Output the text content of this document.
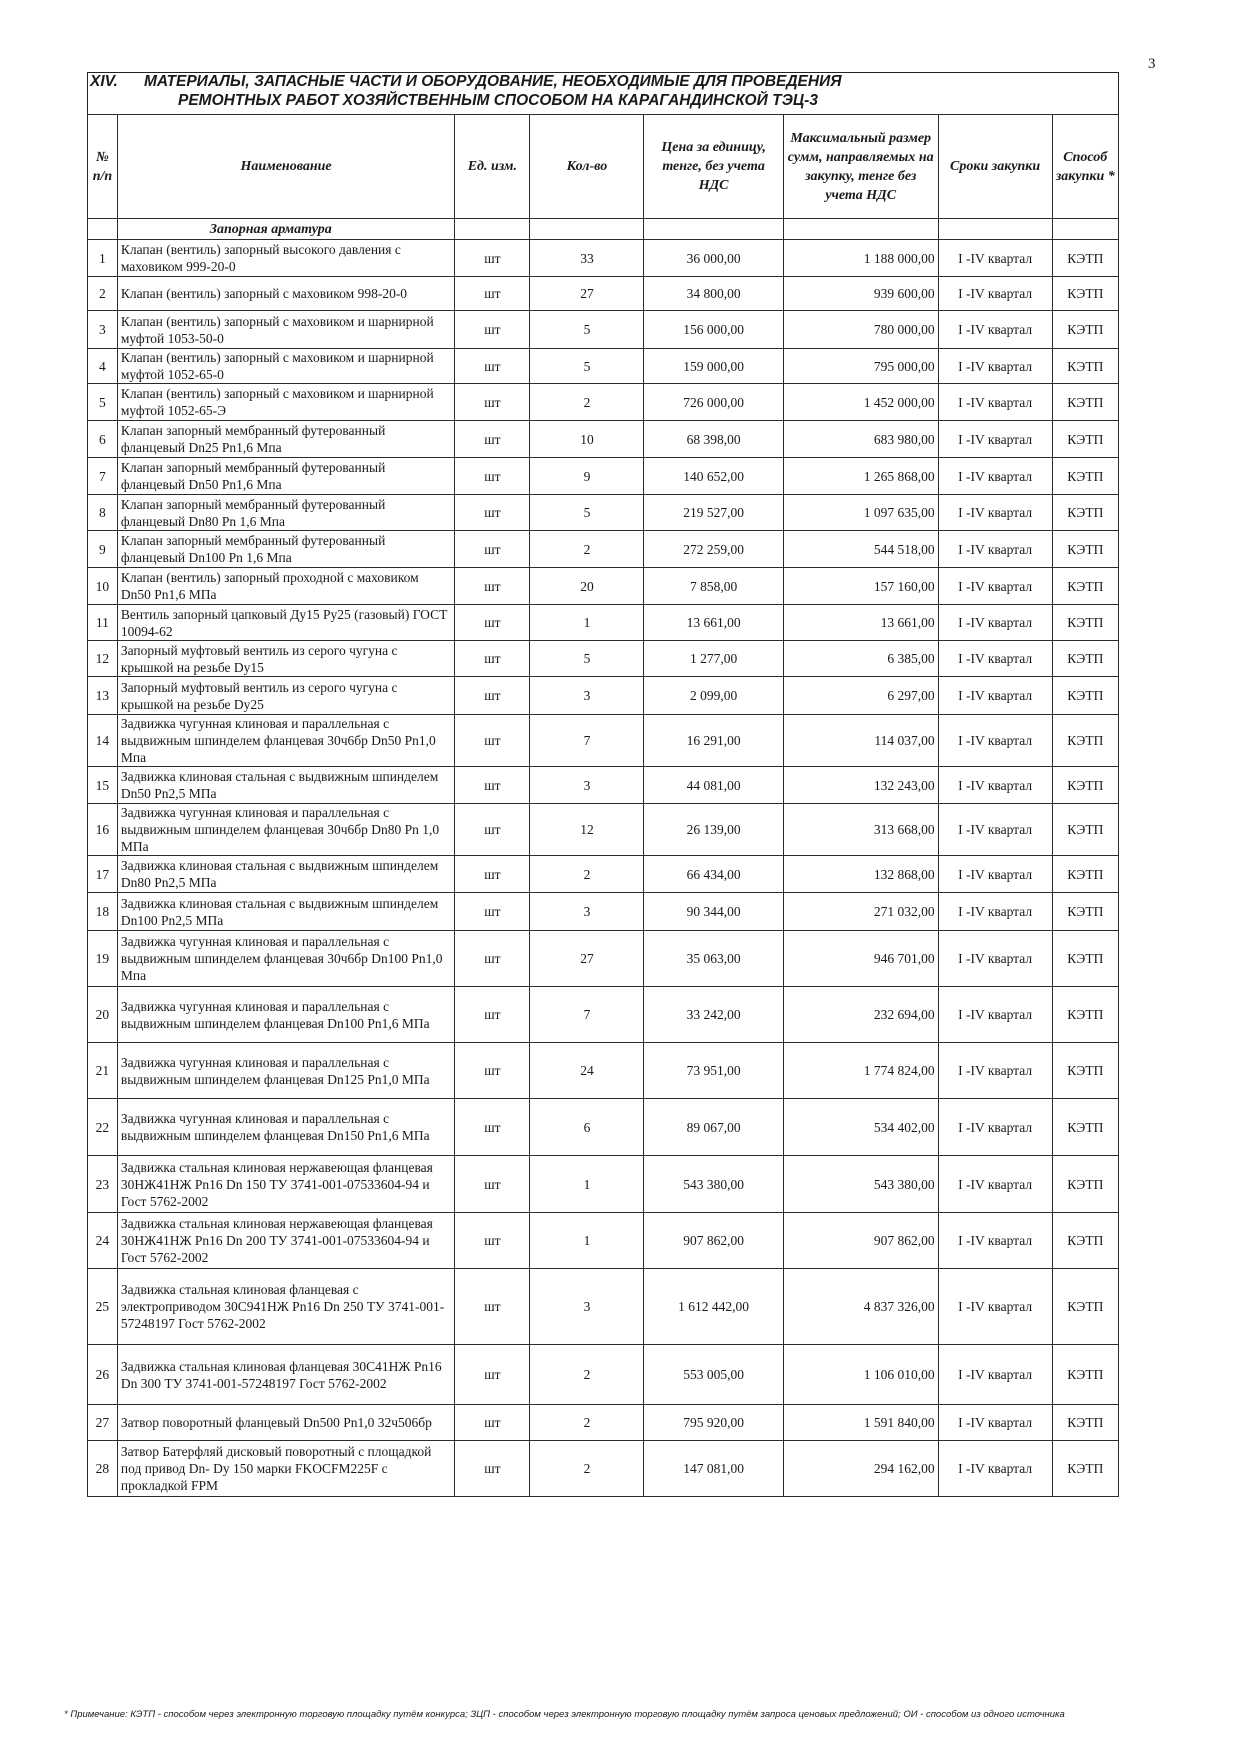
3
XIV. МАТЕРИАЛЫ, ЗАПАСНЫЕ ЧАСТИ И ОБОРУДОВАНИЕ, НЕОБХОДИМЫЕ ДЛЯ ПРОВЕДЕНИЯ
РЕМОНТНЫХ РАБОТ ХОЗЯЙСТВЕННЫМ СПОСОБОМ НА КАРАГАНДИНСКОЙ ТЭЦ-3
№ п/п	Наименование	Ед. изм.	Кол-во	Цена за единицу, тенге, без учета НДС	Максимальный размер сумм, направляемых на закупку, тенге без учета НДС	Сроки закупки	Способ закупки *
	Запорная арматура						
1	Клапан (вентиль) запорный высокого давления с маховиком 999-20-0	шт	33	36 000,00	1 188 000,00	I -IV квартал	КЭТП
2	Клапан (вентиль) запорный с маховиком 998-20-0	шт	27	34 800,00	939 600,00	I -IV квартал	КЭТП
3	Клапан (вентиль) запорный с маховиком и шарнирной муфтой 1053-50-0	шт	5	156 000,00	780 000,00	I -IV квартал	КЭТП
4	Клапан (вентиль) запорный с маховиком и шарнирной муфтой 1052-65-0	шт	5	159 000,00	795 000,00	I -IV квартал	КЭТП
5	Клапан (вентиль) запорный с маховиком и шарнирной муфтой 1052-65-Э	шт	2	726 000,00	1 452 000,00	I -IV квартал	КЭТП
6	Клапан запорный мембранный футерованный фланцевый Dn25 Pn1,6 Мпа	шт	10	68 398,00	683 980,00	I -IV квартал	КЭТП
7	Клапан запорный мембранный футерованный фланцевый Dn50 Pn1,6 Мпа	шт	9	140 652,00	1 265 868,00	I -IV квартал	КЭТП
8	Клапан запорный мембранный футерованный фланцевый Dn80 Pn 1,6 Мпа	шт	5	219 527,00	1 097 635,00	I -IV квартал	КЭТП
9	Клапан запорный мембранный футерованный фланцевый Dn100 Pn 1,6 Мпа	шт	2	272 259,00	544 518,00	I -IV квартал	КЭТП
10	Клапан (вентиль) запорный проходной с маховиком Dn50 Pn1,6 МПа	шт	20	7 858,00	157 160,00	I -IV квартал	КЭТП
11	Вентиль запорный цапковый Ду15 Ру25 (газовый) ГОСТ 10094-62	шт	1	13 661,00	13 661,00	I -IV квартал	КЭТП
12	Запорный муфтовый вентиль из серого чугуна с крышкой на резьбе Dy15	шт	5	1 277,00	6 385,00	I -IV квартал	КЭТП
13	Запорный муфтовый вентиль из серого чугуна с крышкой на резьбе Dy25	шт	3	2 099,00	6 297,00	I -IV квартал	КЭТП
14	Задвижка чугунная клиновая и параллельная с выдвижным шпинделем фланцевая 30ч6бр Dn50 Pn1,0 Мпа	шт	7	16 291,00	114 037,00	I -IV квартал	КЭТП
15	Задвижка клиновая стальная с выдвижным шпинделем Dn50 Pn2,5 МПа	шт	3	44 081,00	132 243,00	I -IV квартал	КЭТП
16	Задвижка чугунная клиновая и параллельная с выдвижным шпинделем фланцевая 30ч6бр Dn80 Pn 1,0 МПа	шт	12	26 139,00	313 668,00	I -IV квартал	КЭТП
17	Задвижка клиновая стальная с выдвижным шпинделем Dn80 Pn2,5 МПа	шт	2	66 434,00	132 868,00	I -IV квартал	КЭТП
18	Задвижка клиновая стальная с выдвижным шпинделем Dn100 Pn2,5 МПа	шт	3	90 344,00	271 032,00	I -IV квартал	КЭТП
19	Задвижка чугунная клиновая и параллельная с выдвижным шпинделем фланцевая 30ч6бр Dn100 Pn1,0 Мпа	шт	27	35 063,00	946 701,00	I -IV квартал	КЭТП
20	Задвижка чугунная клиновая и параллельная с выдвижным шпинделем фланцевая Dn100 Pn1,6 МПа	шт	7	33 242,00	232 694,00	I -IV квартал	КЭТП
21	Задвижка чугунная клиновая и параллельная с выдвижным шпинделем фланцевая Dn125 Pn1,0 МПа	шт	24	73 951,00	1 774 824,00	I -IV квартал	КЭТП
22	Задвижка чугунная клиновая и параллельная с выдвижным шпинделем фланцевая Dn150 Pn1,6 МПа	шт	6	89 067,00	534 402,00	I -IV квартал	КЭТП
23	Задвижка стальная клиновая нержавеющая фланцевая 30НЖ41НЖ Pn16 Dn 150 ТУ 3741-001-07533604-94 и Гост 5762-2002	шт	1	543 380,00	543 380,00	I -IV квартал	КЭТП
24	Задвижка стальная клиновая нержавеющая фланцевая 30НЖ41НЖ Pn16 Dn 200 ТУ 3741-001-07533604-94 и Гост 5762-2002	шт	1	907 862,00	907 862,00	I -IV квартал	КЭТП
25	Задвижка стальная клиновая фланцевая с электроприводом 30С941НЖ Pn16 Dn 250 ТУ 3741-001-57248197 Гост 5762-2002	шт	3	1 612 442,00	4 837 326,00	I -IV квартал	КЭТП
26	Задвижка стальная клиновая фланцевая 30С41НЖ Pn16 Dn 300 ТУ 3741-001-57248197 Гост 5762-2002	шт	2	553 005,00	1 106 010,00	I -IV квартал	КЭТП
27	Затвор поворотный фланцевый Dn500 Pn1,0 32ч506бр	шт	2	795 920,00	1 591 840,00	I -IV квартал	КЭТП
28	Затвор Батерфляй дисковый поворотный с площадкой под привод Dn- Dy 150 марки FKOCFM225F с прокладкой FPM	шт	2	147 081,00	294 162,00	I -IV квартал	КЭТП
* Примечание: КЭТП - способом через электронную торговую площадку путём конкурса; ЗЦП - способом через электронную торговую площадку путём запроса ценовых предложений; ОИ - способом из одного источника
